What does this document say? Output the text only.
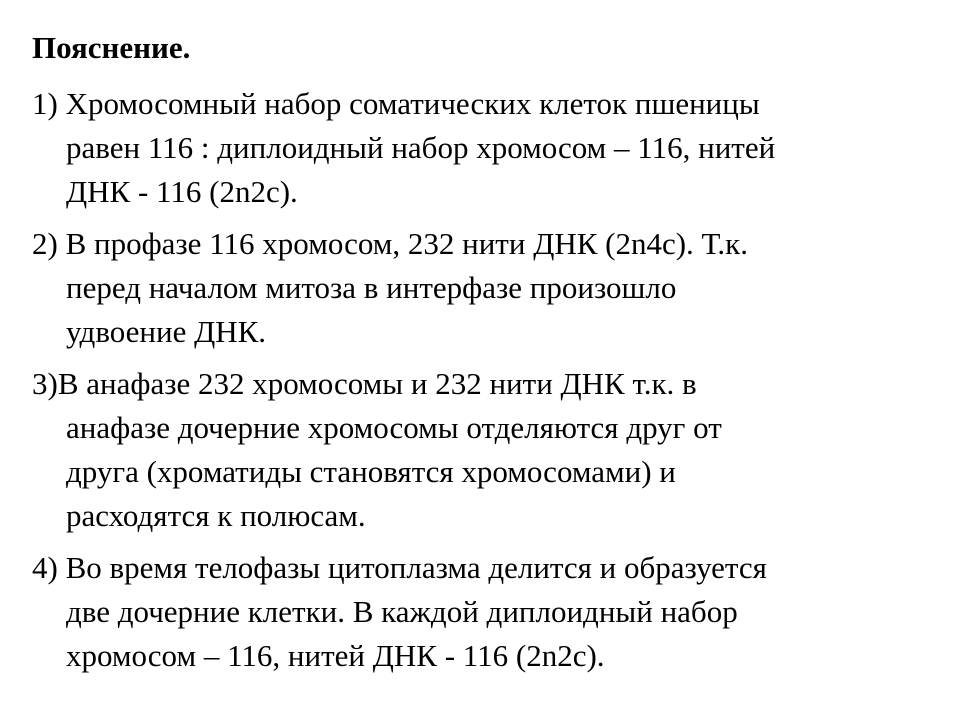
Пояснение.
1) Хромосомный набор соматических клеток пшеницы
равен 116 : диплоидный набор хромосом – 116, нитей
ДНК - 116 (2n2c).
2) В профазе 116 хромосом, 232 нити ДНК (2n4c). Т.к.
перед началом митоза в интерфазе произошло
удвоение ДНК.
3)В анафазе 232 хромосомы и 232 нити ДНК т.к. в
анафазе дочерние хромосомы отделяются друг от
друга (хроматиды становятся хромосомами) и
расходятся к полюсам.
4) Во время телофазы цитоплазма делится и образуется
две дочерние клетки. В каждой диплоидный набор
хромосом – 116, нитей ДНК - 116 (2n2c).
